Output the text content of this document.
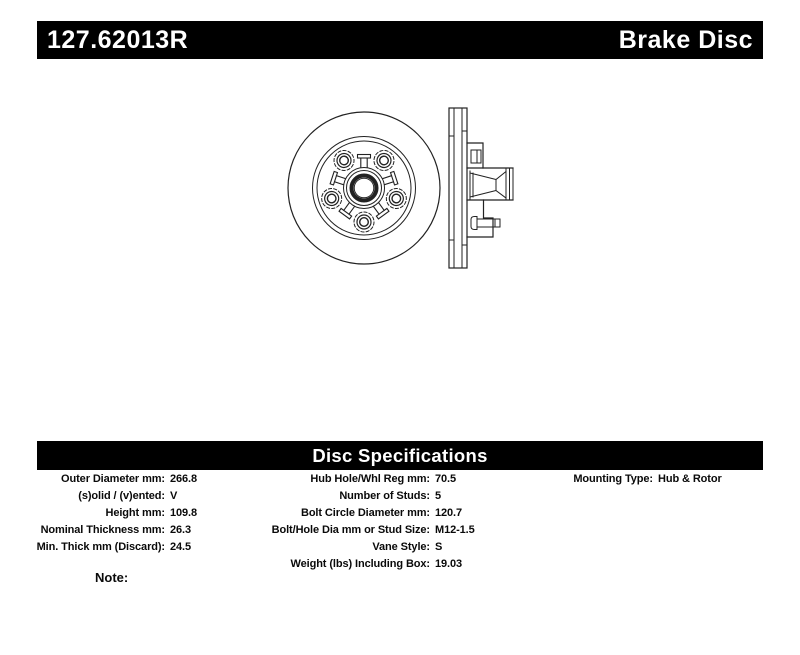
127.62013R	Brake Disc
Disc Specifications
Outer Diameter mm:	266.8
(s)olid / (v)ented:	V
Height mm:	109.8
Nominal Thickness mm:	26.3
Min. Thick mm (Discard):	24.5
Hub Hole/Whl Reg mm:	70.5
Number of Studs:	5
Bolt Circle Diameter mm:	120.7
Bolt/Hole Dia mm or Stud Size:	M12-1.5
Vane Style:	S
Weight (lbs) Including Box:	19.03
Mounting Type:	Hub & Rotor
Note:
